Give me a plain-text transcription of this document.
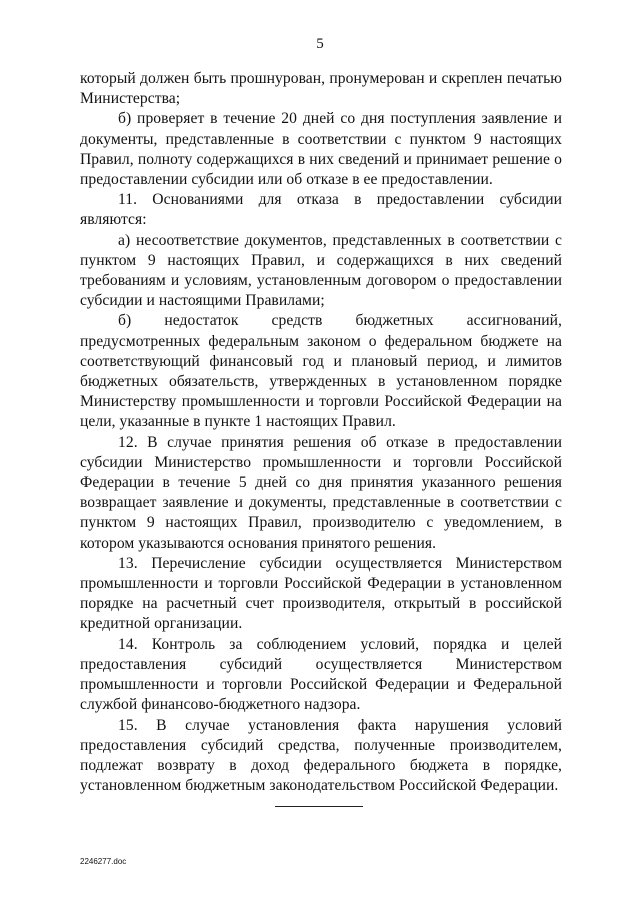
5

который должен быть прошнурован, пронумерован и скреплен печатью Министерства;

б) проверяет в течение 20 дней со дня поступления заявление и документы, представленные в соответствии с пунктом 9 настоящих Правил, полноту содержащихся в них сведений и принимает решение о предоставлении субсидии или об отказе в ее предоставлении.

11. Основаниями для отказа в предоставлении субсидии являются:

а) несоответствие документов, представленных в соответствии с пунктом 9 настоящих Правил, и содержащихся в них сведений требованиям и условиям, установленным договором о предоставлении субсидии и настоящими Правилами;

б) недостаток средств бюджетных ассигнований, предусмотренных федеральным законом о федеральном бюджете на соответствующий финансовый год и плановый период, и лимитов бюджетных обязательств, утвержденных в установленном порядке Министерству промышленности и торговли Российской Федерации на цели, указанные в пункте 1 настоящих Правил.

12. В случае принятия решения об отказе в предоставлении субсидии Министерство промышленности и торговли Российской Федерации в течение 5 дней со дня принятия указанного решения возвращает заявление и документы, представленные в соответствии с пунктом 9 настоящих Правил, производителю с уведомлением, в котором указываются основания принятого решения.

13. Перечисление субсидии осуществляется Министерством промышленности и торговли Российской Федерации в установленном порядке на расчетный счет производителя, открытый в российской кредитной организации.

14. Контроль за соблюдением условий, порядка и целей предоставления субсидий осуществляется Министерством промышленности и торговли Российской Федерации и Федеральной службой финансово-бюджетного надзора.

15. В случае установления факта нарушения условий предоставления субсидий средства, полученные производителем, подлежат возврату в доход федерального бюджета в порядке, установленном бюджетным законодательством Российской Федерации.

2246277.doc
